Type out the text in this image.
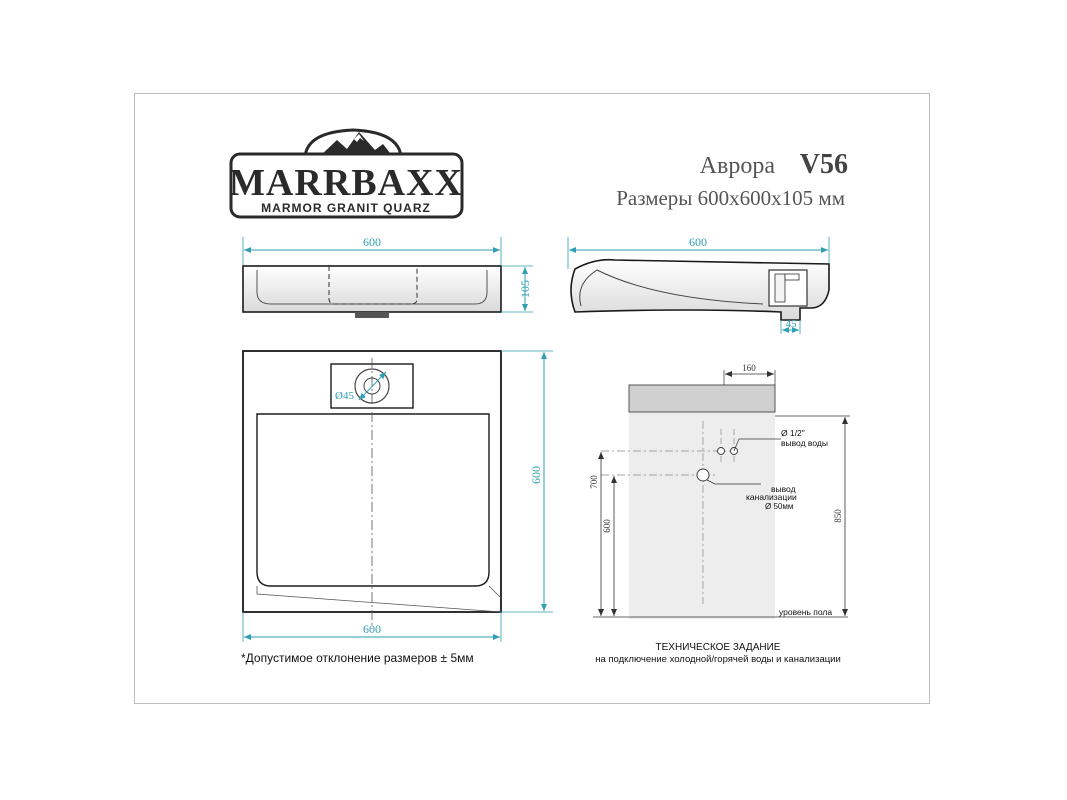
MARRBAXX
MARMOR GRANIT QUARZ
Аврора V56
Размеры 600х600х105 мм
600
105
600
45
Ø45
600
600
*Допустимое отклонение размеров ± 5мм
160
Ø 1/2"
вывод воды
вывод
канализации
Ø 50мм
700
600
850
уровень пола
ТЕХНИЧЕСКОЕ ЗАДАНИЕ
на подключение холодной/горячей воды и канализации
